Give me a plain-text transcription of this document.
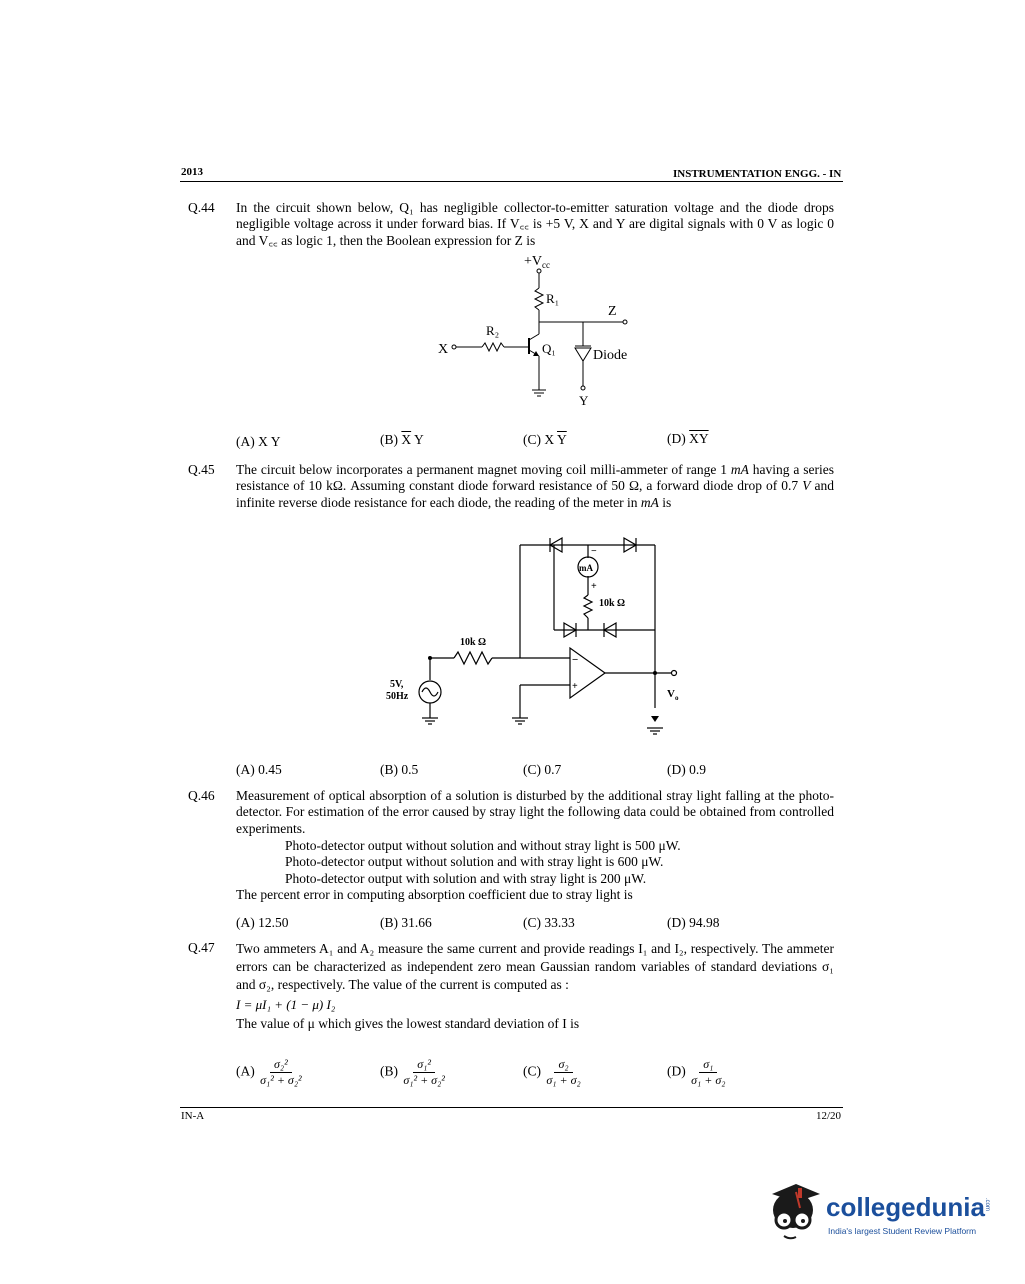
2013	INSTRUMENTATION ENGG. - IN
Q.44 In the circuit shown below, Q₁ has negligible collector-to-emitter saturation voltage and the diode drops negligible voltage across it under forward bias. If V꜀꜀ is +5 V, X and Y are digital signals with 0 V as logic 0 and V꜀꜀ as logic 1, then the Boolean expression for Z is
$+V_{cc}$
R₁
Z
Q₁
X
R₂
Diode
Y
(A) X Y	(B) $\overline{X}$ Y	(C) X $\overline{Y}$	(D) $\overline{XY}$
Q.45 The circuit below incorporates a permanent magnet moving coil milli-ammeter of range 1 mA having a series resistance of 10 kΩ. Assuming constant diode forward resistance of 50 Ω, a forward diode drop of 0.7 V and infinite reverse diode resistance for each diode, the reading of the meter in mA is
mA
−
+
10k Ω
10k Ω
−
+
5V,
50Hz	$V_o$
(A) 0.45	(B) 0.5	(C) 0.7	(D) 0.9
Q.46 Measurement of optical absorption of a solution is disturbed by the additional stray light falling at the photo-detector. For estimation of the error caused by stray light the following data could be obtained from controlled experiments.
Photo-detector output without solution and without stray light is 500 μW.
Photo-detector output without solution and with stray light is 600 μW.
Photo-detector output with solution and with stray light is 200 μW.
The percent error in computing absorption coefficient due to stray light is
(A) 12.50	(B) 31.66	(C) 33.33	(D) 94.98
Q.47 Two ammeters A₁ and A₂ measure the same current and provide readings I₁ and I₂, respectively. The ammeter errors can be characterized as independent zero mean Gaussian random variables of standard deviations σ₁ and σ₂, respectively. The value of the current is computed as :
I = μI₁ + (1 − μ) I₂
The value of μ which gives the lowest standard deviation of I is
$(A) \frac{\text{σ₂²}}{\text{σ₁² + σ₂²}}$	$(B) \frac{\text{σ₁²}}{\text{σ₁² + σ₂²}}$	$(C) \frac{\text{σ₂}}{\text{σ₁ + σ₂}}$	$(D) \frac{\text{σ₁}}{\text{σ₁ + σ₂}}$
IN-A	12/20
collegedunia .com
India's largest Student Review Platform
